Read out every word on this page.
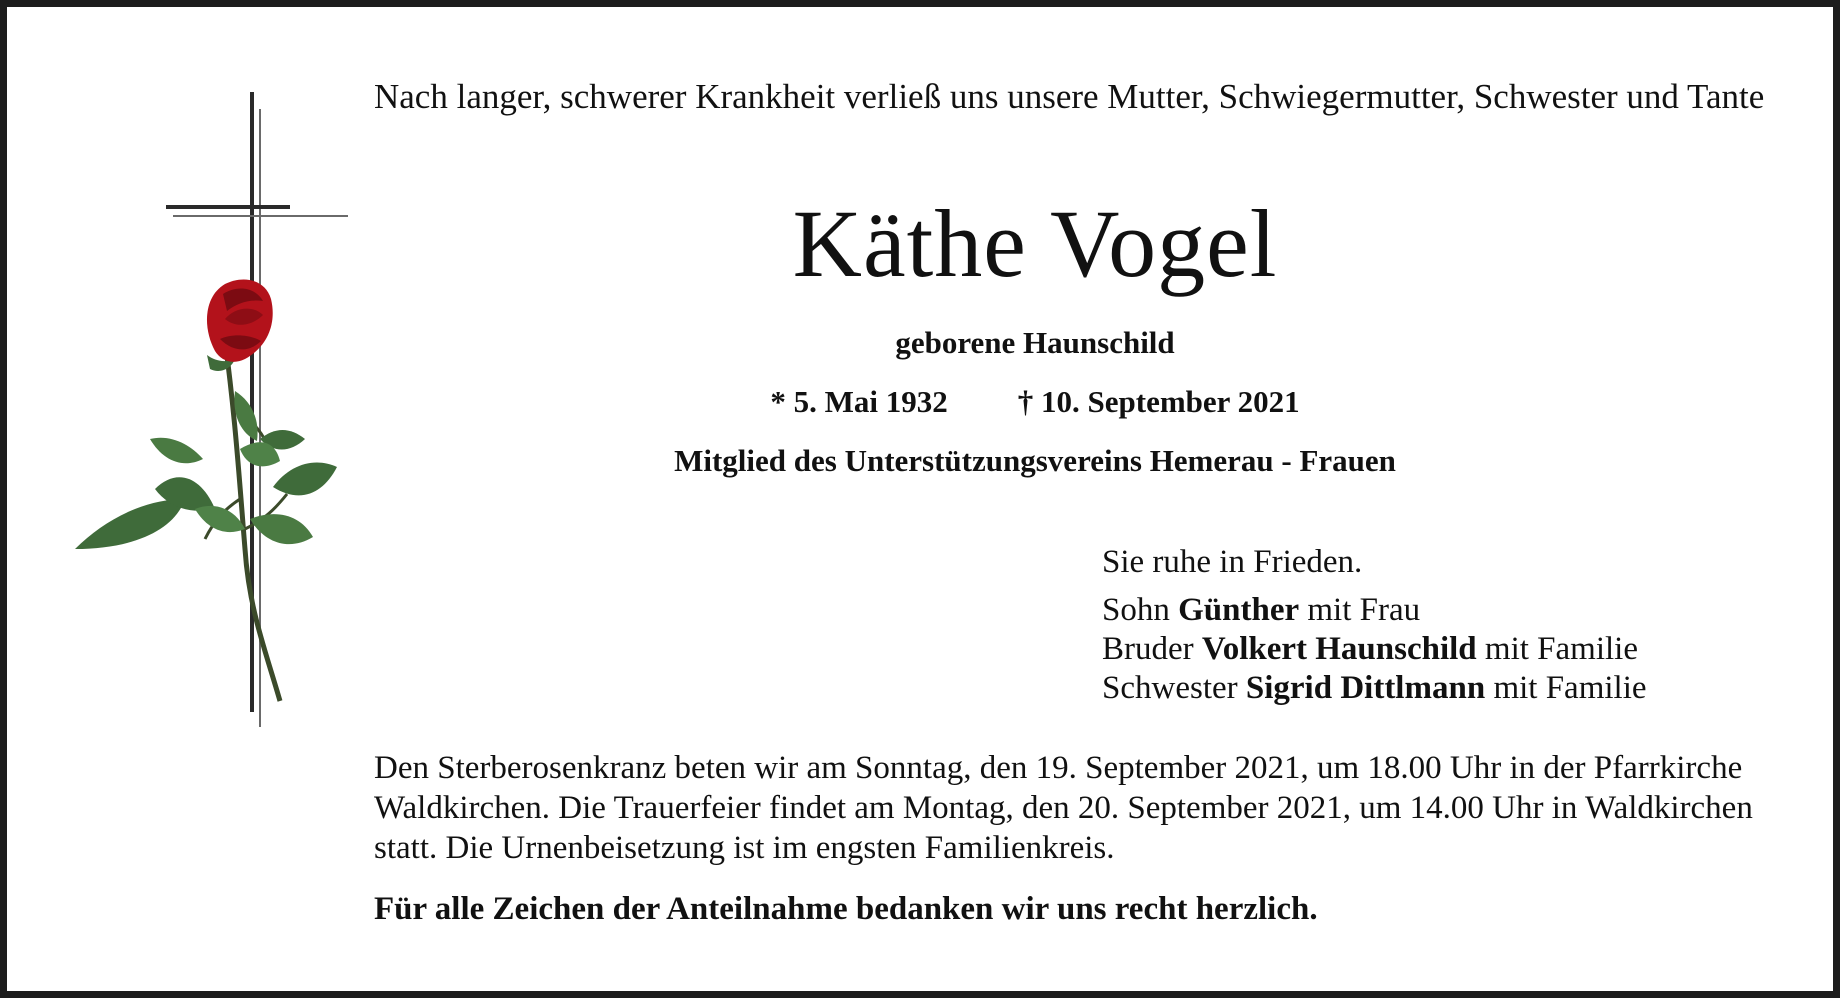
Nach langer, schwerer Krankheit verließ uns unsere Mutter, Schwiegermutter, Schwester und Tante

Käthe Vogel
geborene Haunschild
* 5. Mai 1932 † 10. September 2021
Mitglied des Unterstützungsvereins Hemerau - Frauen
Sie ruhe in Frieden.
Sohn Günther mit Frau
Bruder Volkert Haunschild mit Familie
Schwester Sigrid Dittlmann mit Familie

Den Sterberosenkranz beten wir am Sonntag, den 19. September 2021, um 18.00 Uhr in der Pfarrkirche Waldkirchen. Die Trauerfeier findet am Montag, den 20. September 2021, um 14.00 Uhr in Waldkirchen statt. Die Urnenbeisetzung ist im engsten Familienkreis.

Für alle Zeichen der Anteilnahme bedanken wir uns recht herzlich.
